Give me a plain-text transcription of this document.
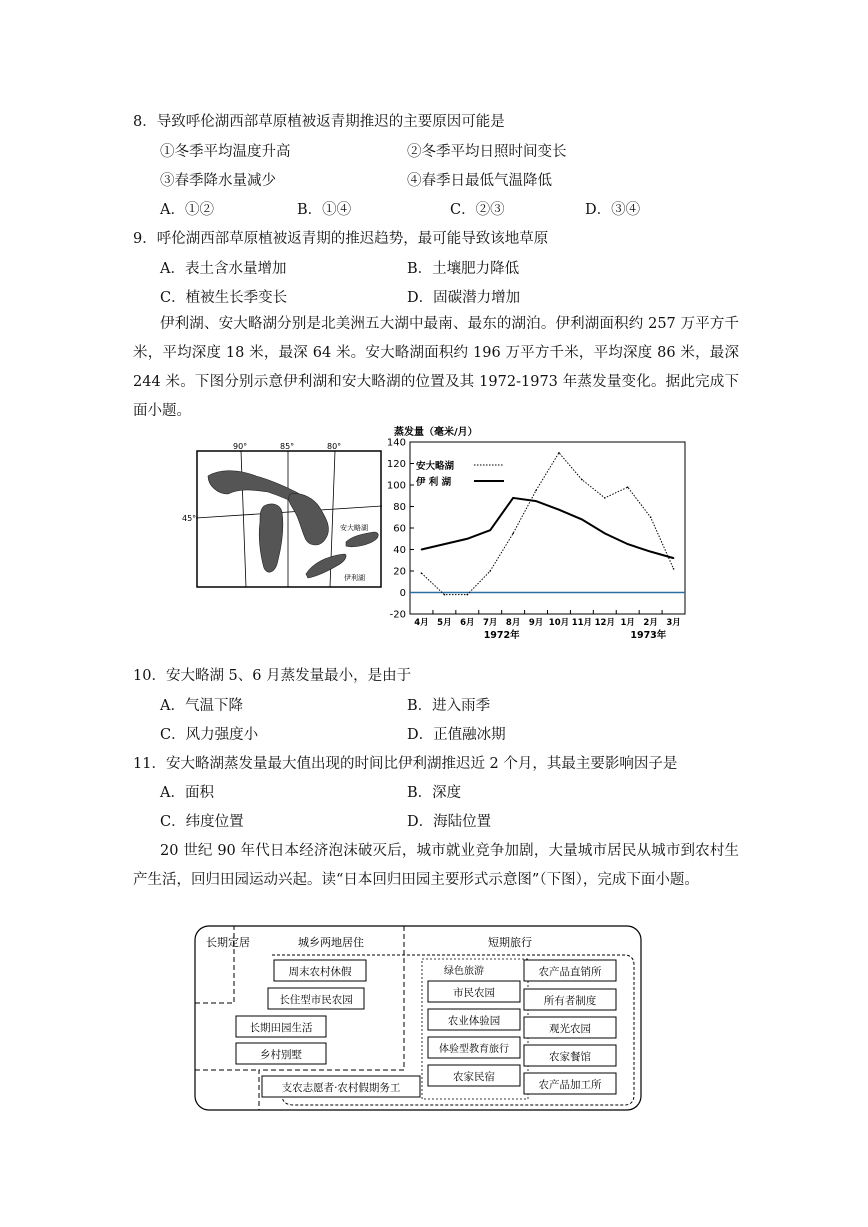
8．导致呼伦湖西部草原植被返青期推迟的主要原因可能是
①冬季平均温度升高	②冬季平均日照时间变长
③春季降水量减少	④春季日最低气温降低
A．①②	B．①④	C．②③	D．③④
9．呼伦湖西部草原植被返青期的推迟趋势，最可能导致该地草原
A．表土含水量增加	B．土壤肥力降低
C．植被生长季变长	D．固碳潜力增加
伊利湖、安大略湖分别是北美洲五大湖中最南、最东的湖泊。伊利湖面积约 257 万平方千米，平均深度 18 米，最深 64 米。安大略湖面积约 196 万平方千米，平均深度 86 米，最深 244 米。下图分别示意伊利湖和安大略湖的位置及其 1972-1973 年蒸发量变化。据此完成下面小题。
90°	85°	80°
45°
安大略湖
伊利湖
蒸发量（毫米/月）
-20
0
20
40
60
80
100
120
140
4月 5月 6月 7月 8月 9月 10月 11月 12月 1月 2月 3月
1972年	1973年
安大略湖
伊 利 湖
10．安大略湖 5、6 月蒸发量最小，是由于
A．气温下降	B．进入雨季
C．风力强度小	D．正值融冰期
11．安大略湖蒸发量最大值出现的时间比伊利湖推迟近 2 个月，其最主要影响因子是
A．面积	B．深度
C．纬度位置	D．海陆位置
20 世纪 90 年代日本经济泡沫破灭后，城市就业竞争加剧，大量城市居民从城市到农村生产生活，回归田园运动兴起。读“日本回归田园主要形式示意图”（下图），完成下面小题。
长期定居	城乡两地居住	短期旅行
绿色旅游
周末农村休假
长住型市民农园
长期田园生活
乡村别墅
支农志愿者·农村假期务工
市民农园
农业体验园
体验型教育旅行
农家民宿
农产品直销所
所有者制度
观光农园
农家餐馆
农产品加工所
